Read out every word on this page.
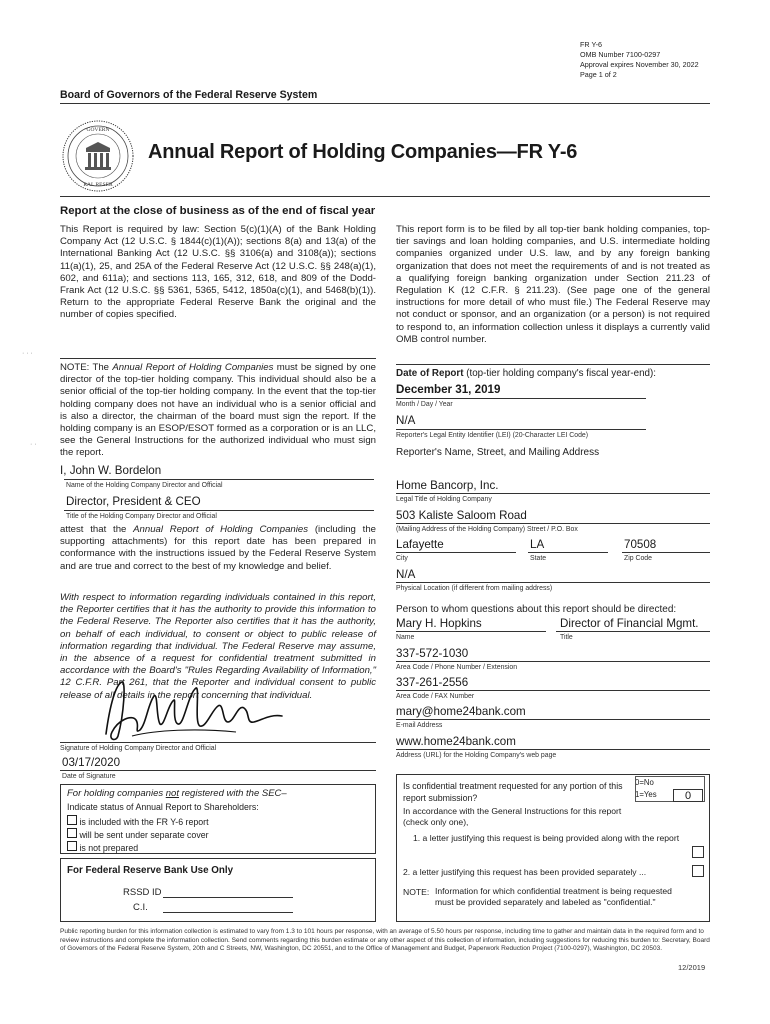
FR Y-6
OMB Number 7100-0297
Approval expires November 30, 2022
Page 1 of 2
Board of Governors of the Federal Reserve System
GOVERN
RAL RESER
Annual Report of Holding Companies—FR Y-6
Report at the close of business as of the end of fiscal year
This Report is required by law: Section 5(c)(1)(A) of the Bank Holding Company Act (12 U.S.C. § 1844(c)(1)(A)); sections 8(a) and 13(a) of the International Banking Act (12 U.S.C. §§ 3106(a) and 3108(a)); sections 11(a)(1), 25, and 25A of the Federal Reserve Act (12 U.S.C. §§ 248(a)(1), 602, and 611a); and sections 113, 165, 312, 618, and 809 of the Dodd-Frank Act (12 U.S.C. §§ 5361, 5365, 5412, 1850a(c)(1), and 5468(b)(1)). Return to the appropriate Federal Reserve Bank the original and the number of copies specified.
This report form is to be filed by all top-tier bank holding companies, top-tier savings and loan holding companies, and U.S. intermediate holding companies organized under U.S. law, and by any foreign banking organization that does not meet the requirements of and is not treated as a qualifying foreign banking organization under Section 211.23 of Regulation K (12 C.F.R. § 211.23). (See page one of the general instructions for more detail of who must file.) The Federal Reserve may not conduct or sponsor, and an organization (or a person) is not required to respond to, an information collection unless it displays a currently valid OMB control number.
NOTE: The Annual Report of Holding Companies must be signed by one director of the top-tier holding company. This individual should also be a senior official of the top-tier holding company. In the event that the top-tier holding company does not have an individual who is a senior official and is also a director, the chairman of the board must sign the report. If the holding company is an ESOP/ESOT formed as a corporation or is an LLC, see the General Instructions for the authorized individual who must sign the report.
· · ·
· ·
I, John W. Bordelon
Name of the Holding Company Director and Official
Director, President & CEO
Title of the Holding Company Director and Official
attest that the Annual Report of Holding Companies (including the supporting attachments) for this report date has been prepared in conformance with the instructions issued by the Federal Reserve System and are true and correct to the best of my knowledge and belief.
With respect to information regarding individuals contained in this report, the Reporter certifies that it has the authority to provide this information to the Federal Reserve. The Reporter also certifies that it has the authority, on behalf of each individual, to consent or object to public release of information regarding that individual. The Federal Reserve may assume, in the absence of a request for confidential treatment submitted in accordance with the Board's "Rules Regarding Availability of Information," 12 C.F.R. Part 261, that the Reporter and individual consent to public release of all details in the report concerning that individual.
Signature of Holding Company Director and Official
03/17/2020
Date of Signature
For holding companies not registered with the SEC–
Indicate status of Annual Report to Shareholders:
is included with the FR Y-6 report
will be sent under separate cover
is not prepared
For Federal Reserve Bank Use Only
RSSD ID
C.I.
Date of Report (top-tier holding company's fiscal year-end):
December 31, 2019
Month / Day / Year
N/A
Reporter's Legal Entity Identifier (LEI) (20-Character LEI Code)
Reporter's Name, Street, and Mailing Address
Home Bancorp, Inc.
Legal Title of Holding Company
503 Kaliste Saloom Road
(Mailing Address of the Holding Company) Street / P.O. Box
Lafayette	LA	70508
City	State	Zip Code
N/A
Physical Location (if different from mailing address)
Person to whom questions about this report should be directed:
Mary H. Hopkins	Director of Financial Mgmt.
Name	Title
337-572-1030
Area Code / Phone Number / Extension
337-261-2556
Area Code / FAX Number
mary@home24bank.com
E-mail Address
www.home24bank.com
Address (URL) for the Holding Company's web page
Is confidential treatment requested for any portion of this report submission?
0=No
1=Yes	0
In accordance with the General Instructions for this report (check only one),
1. a letter justifying this request is being provided along with the report
2. a letter justifying this request has been provided separately ...
NOTE: Information for which confidential treatment is being requested must be provided separately and labeled as "confidential."
Public reporting burden for this information collection is estimated to vary from 1.3 to 101 hours per response, with an average of 5.50 hours per response, including time to gather and maintain data in the required form and to review instructions and complete the information collection. Send comments regarding this burden estimate or any other aspect of this collection of information, including suggestions for reducing this burden to: Secretary, Board of Governors of the Federal Reserve System, 20th and C Streets, NW, Washington, DC 20551, and to the Office of Management and Budget, Paperwork Reduction Project (7100-0297), Washington, DC 20503.
12/2019
